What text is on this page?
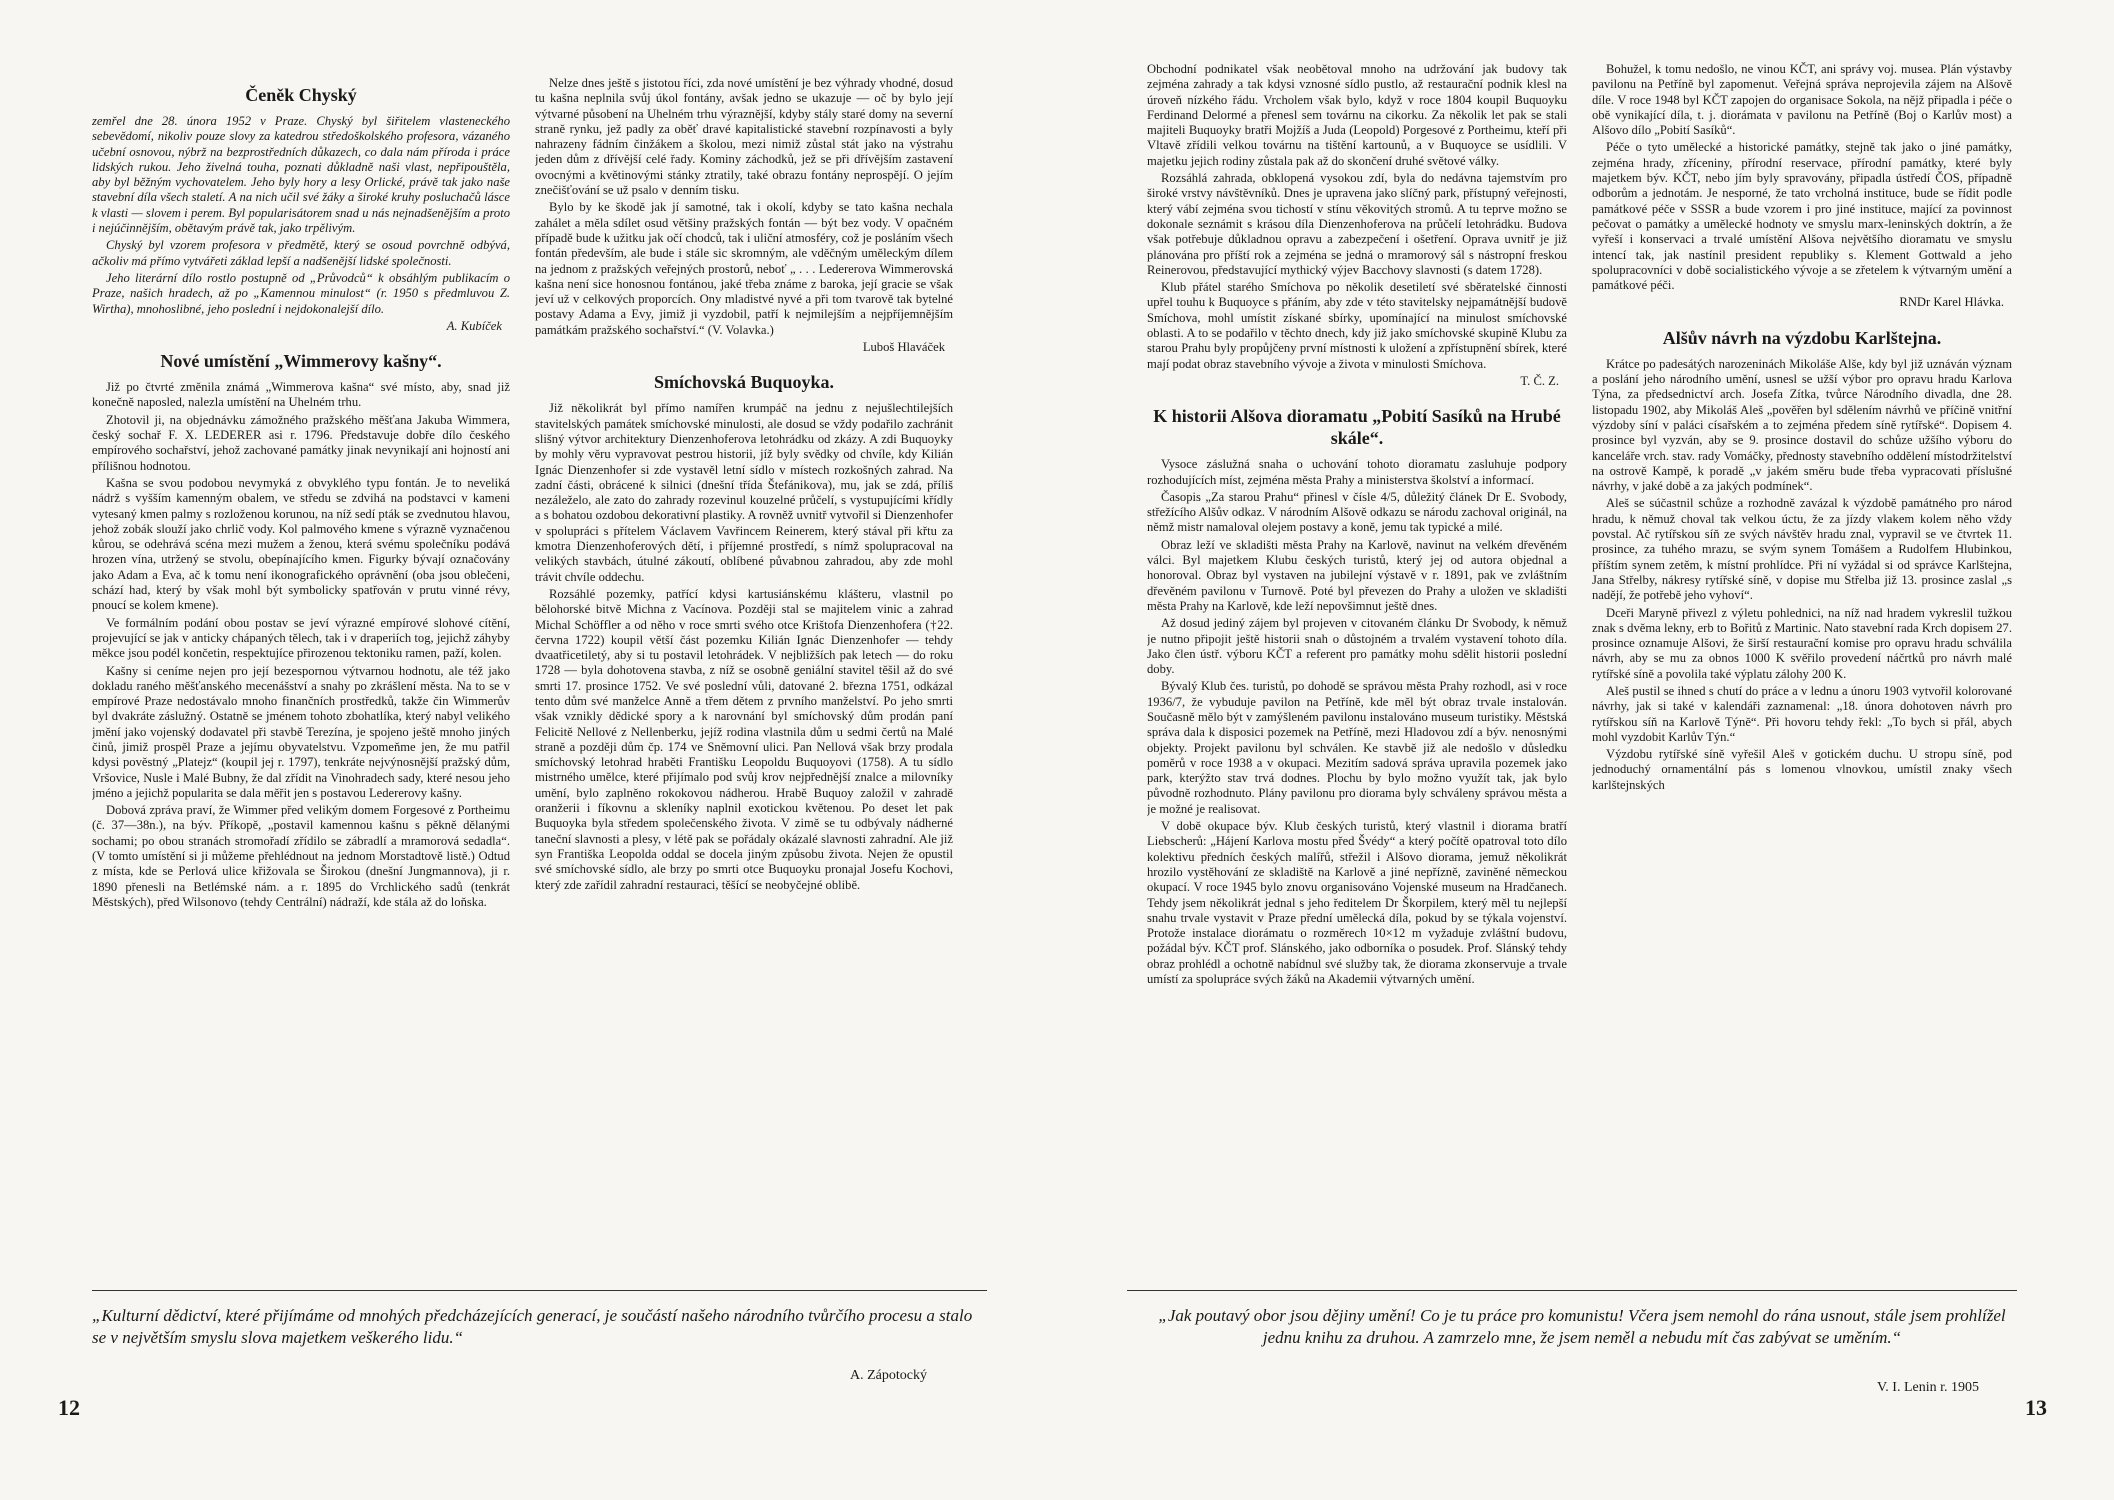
Čeněk Chyský

zemřel dne 28. února 1952 v Praze. Chyský byl šiřitelem vlasteneckého sebevědomí, nikoliv pouze slovy za katedrou středoškolského profesora, vázaného učební osnovou, nýbrž na bezprostředních důkazech, co dala nám příroda i práce lidských rukou. Jeho živelná touha, poznati důkladně naši vlast, nepřipouštěla, aby byl běžným vychovatelem. Jeho byly hory a lesy Orlické, právě tak jako naše stavební díla všech staletí. A na nich učil své žáky a široké kruhy posluchačů lásce k vlasti — slovem i perem. Byl popularisátorem snad u nás nejnadšenějším a proto i nejúčinnějším, obětavým právě tak, jako trpělivým.

Chyský byl vzorem profesora v předmětě, který se osoud povrchně odbývá, ačkoliv má přímo vytvářeti základ lepší a nadšenější lidské společnosti.

Jeho literární dílo rostlo postupně od „Průvodců“ k obsáhlým publikacím o Praze, našich hradech, až po „Kamennou minulost“ (r. 1950 s předmluvou Z. Wirtha), mnohoslibné, jeho poslední i nejdokonalejší dílo.

A. Kubíček
Nové umístění „Wimmerovy kašny“.

Již po čtvrté změnila známá „Wimmerova kašna“ své místo, aby, snad již konečně naposled, nalezla umístění na Uhelném trhu.

Zhotovil ji, na objednávku zámožného pražského měšťana Jakuba Wimmera, český sochař F. X. LEDERER asi r. 1796. Představuje dobře dílo českého empírového sochařství, jehož zachované památky jinak nevynikají ani hojností ani přílišnou hodnotou.

Kašna se svou podobou nevymyká z obvyklého typu fontán. Je to neveliká nádrž s vyšším kamenným obalem, ve středu se zdvihá na podstavci v kameni vytesaný kmen palmy s rozloženou korunou, na níž sedí pták se zvednutou hlavou, jehož zobák slouží jako chrlič vody. Kol palmového kmene s výrazně vyznačenou kůrou, se odehrává scéna mezi mužem a ženou, která svému společníku podává hrozen vína, utržený se stvolu, obepínajícího kmen. Figurky bývají označovány jako Adam a Eva, ač k tomu není ikonografického oprávnění (oba jsou oblečeni, schází had, který by však mohl být symbolicky spatřován v prutu vinné révy, pnoucí se kolem kmene).

Ve formálním podání obou postav se jeví výrazné empírové slohové cítění, projevující se jak v anticky chápaných tělech, tak i v draperiích tog, jejichž záhyby měkce jsou podél končetin, respektujíce přirozenou tektoniku ramen, paží, kolen.

Kašny si ceníme nejen pro její bezespornou výtvarnou hodnotu, ale též jako dokladu raného měšťanského mecenášství a snahy po zkrášlení města. Na to se v empírové Praze nedostávalo mnoho finančních prostředků, takže čin Wimmerův byl dvakráte záslužný. Ostatně se jménem tohoto zbohatlíka, který nabyl velikého jmění jako vojenský dodavatel při stavbě Terezína, je spojeno ještě mnoho jiných činů, jimiž prospěl Praze a jejímu obyvatelstvu. Vzpomeňme jen, že mu patřil kdysi pověstný „Platejz“ (koupil jej r. 1797), tenkráte nejvýnosnější pražský dům, Vršovice, Nusle i Malé Bubny, že dal zřídit na Vinohradech sady, které nesou jeho jméno a jejichž popularita se dala měřit jen s postavou Ledererovy kašny.

Dobová zpráva praví, že Wimmer před velikým domem Forgesové z Portheimu (č. 37—38n.), na býv. Příkopě, „postavil kamennou kašnu s pěkně dělanými sochami; po obou stranách stromořadí zřídilo se zábradlí a mramorová sedadla“. (V tomto umístění si ji můžeme přehlédnout na jednom Morstadtově listě.) Odtud z místa, kde se Perlová ulice křižovala se Širokou (dnešní Jungmannova), ji r. 1890 přenesli na Betlémské nám. a r. 1895 do Vrchlického sadů (tenkrát Městských), před Wilsonovo (tehdy Centrální) nádraží, kde stála až do loňska.

Nelze dnes ještě s jistotou říci, zda nové umístění je bez výhrady vhodné, dosud tu kašna neplnila svůj úkol fontány, avšak jedno se ukazuje — oč by bylo její výtvarné působení na Uhelném trhu výraznější, kdyby stály staré domy na severní straně rynku, jež padly za oběť dravé kapitalistické stavební rozpínavosti a byly nahrazeny fádním činžákem a školou, mezi nimiž zůstal stát jako na výstrahu jeden dům z dřívější celé řady. Kominy záchodků, jež se při dřívějším zastavení ovocnými a květinovými stánky ztratily, také obrazu fontány neprospějí. O jejím znečišťování se už psalo v denním tisku.

Bylo by ke škodě jak jí samotné, tak i okolí, kdyby se tato kašna nechala zahálet a měla sdílet osud většiny pražských fontán — být bez vody. V opačném případě bude k užitku jak očí chodců, tak i uliční atmosféry, což je posláním všech fontán především, ale bude i stále sic skromným, ale vděčným uměleckým dílem na jednom z pražských veřejných prostorů, neboť „ . . . Ledererova Wimmerovská kašna není sice honosnou fontánou, jaké třeba známe z baroka, její gracie se však jeví už v celkových proporcích. Ony mladistvé nyvé a při tom tvarově tak bytelné postavy Adama a Evy, jimiž ji vyzdobil, patří k nejmilejším a nejpříjemnějším památkám pražského sochařství.“ (V. Volavka.)

Luboš Hlaváček
Smíchovská Buquoyka.

Již několikrát byl přímo namířen krumpáč na jednu z nejušlechtilejších stavitelských památek smíchovské minulosti, ale dosud se vždy podařilo zachránit slišný výtvor architektury Dienzenhoferova letohrádku od zkázy. A zdi Buquoyky by mohly věru vypravovat pestrou historii, jíž byly svědky od chvíle, kdy Kilián Ignác Dienzenhofer si zde vystavěl letní sídlo v místech rozkošných zahrad. Na zadní části, obrácené k silnici (dnešní třída Štefánikova), mu, jak se zdá, příliš nezáleželo, ale zato do zahrady rozevinul kouzelné průčelí, s vystupujícími křídly a s bohatou ozdobou dekorativní plastiky. A rovněž uvnitř vytvořil si Dienzenhofer v spolupráci s přítelem Václavem Vavřincem Reinerem, který stával při křtu za kmotra Dienzenhoferových dětí, i příjemné prostředí, s nímž spolupracoval na velikých stavbách, útulné zákoutí, oblíbené půvabnou zahradou, aby zde mohl trávit chvíle oddechu.

Rozsáhlé pozemky, patřící kdysi kartusiánskému klášteru, vlastnil po bělohorské bitvě Michna z Vacínova. Později stal se majitelem vinic a zahrad Michal Schöffler a od něho v roce smrti svého otce Krištofa Dienzenhofera (†22. června 1722) koupil větší část pozemku Kilián Ignác Dienzenhofer — tehdy dvaatřicetiletý, aby si tu postavil letohrádek. V nejbližších pak letech — do roku 1728 — byla dohotovena stavba, z níž se osobně geniální stavitel těšil až do své smrti 17. prosince 1752. Ve své poslední vůli, datované 2. března 1751, odkázal tento dům své manželce Anně a třem dětem z prvního manželství. Po jeho smrti však vznikly dědické spory a k narovnání byl smíchovský dům prodán paní Felicitě Nellové z Nellenberku, jejíž rodina vlastnila dům u sedmi čertů na Malé straně a později dům čp. 174 ve Sněmovní ulici. Pan Nellová však brzy prodala smíchovský letohrad hraběti Františku Leopoldu Buquoyovi (1758). A tu sídlo mistrného umělce, které přijímalo pod svůj krov nejpřednější znalce a milovníky umění, bylo zaplněno rokokovou nádherou. Hrabě Buquoy založil v zahradě oranžerii i fíkovnu a skleníky naplnil exotickou květenou. Po deset let pak Buquoyka byla středem společenského života. V zimě se tu odbývaly nádherné taneční slavnosti a plesy, v létě pak se pořádaly okázalé slavnosti zahradní. Ale již syn Františka Leopolda oddal se docela jiným způsobu života. Nejen že opustil své smíchovské sídlo, ale brzy po smrti otce Buquoyku pronajal Josefu Kochovi, který zde zařídil zahradní restauraci, těšící se neobyčejné oblibě.

„Kulturní dědictví, které přijímáme od mnohých předcházejících generací, je součástí našeho národního tvůrčího procesu a stalo se v největším smyslu slova majetkem veškerého lidu.“
A. Zápotocký
12

Obchodní podnikatel však neobětoval mnoho na udržování jak budovy tak zejména zahrady a tak kdysi vznosné sídlo pustlo, až restaurační podnik klesl na úroveň nízkého řádu. Vrcholem však bylo, když v roce 1804 koupil Buquoyku Ferdinand Delormé a přenesl sem továrnu na cikorku. Za několik let pak se stali majiteli Buquoyky bratři Mojžíš a Juda (Leopold) Porgesové z Portheimu, kteří při Vltavě zřídili velkou továrnu na tištění kartounů, a v Buquoyce se usídlili. V majetku jejich rodiny zůstala pak až do skončení druhé světové války.

Rozsáhlá zahrada, obklopená vysokou zdí, byla do nedávna tajemstvím pro široké vrstvy návštěvníků. Dnes je upravena jako slíčný park, přístupný veřejnosti, který vábí zejména svou tichostí v stínu věkovitých stromů. A tu teprve možno se dokonale seznámit s krásou díla Dienzenhoferova na průčelí letohrádku. Budova však potřebuje důkladnou opravu a zabezpečení i ošetření. Oprava uvnitř je již plánována pro příští rok a zejména se jedná o mramorový sál s nástropní freskou Reinerovou, představující mythický výjev Bacchovy slavnosti (s datem 1728).

Klub přátel starého Smíchova po několik desetiletí své sběratelské činnosti upřel touhu k Buquoyce s přáním, aby zde v této stavitelsky nejpamátnější budově Smíchova, mohl umístit získané sbírky, upomínající na minulost smíchovské oblasti. A to se podařilo v těchto dnech, kdy již jako smíchovské skupině Klubu za starou Prahu byly propůjčeny první místnosti k uložení a zpřístupnění sbírek, které mají podat obraz stavebního vývoje a života v minulosti Smíchova.

T. Č. Z.
K historii Alšova dioramatu „Pobití Sasíků na Hrubé skále“.

Vysoce záslužná snaha o uchování tohoto dioramatu zasluhuje podpory rozhodujících míst, zejména města Prahy a ministerstva školství a informací.

Časopis „Za starou Prahu“ přinesl v čísle 4/5, důležitý článek Dr E. Svobody, střežícího Alšův odkaz. V národním Alšově odkazu se národu zachoval originál, na němž mistr namaloval olejem postavy a koně, jemu tak typické a milé.

Obraz leží ve skladišti města Prahy na Karlově, navinut na velkém dřevěném válci. Byl majetkem Klubu českých turistů, který jej od autora objednal a honoroval. Obraz byl vystaven na jubilejní výstavě v r. 1891, pak ve zvláštním dřevěném pavilonu v Turnově. Poté byl převezen do Prahy a uložen ve skladišti města Prahy na Karlově, kde leží nepovšimnut ještě dnes.

Až dosud jediný zájem byl projeven v citovaném článku Dr Svobody, k němuž je nutno připojit ještě historii snah o důstojném a trvalém vystavení tohoto díla. Jako člen ústř. výboru KČT a referent pro památky mohu sdělit historii poslední doby.

Bývalý Klub čes. turistů, po dohodě se správou města Prahy rozhodl, asi v roce 1936/7, že vybuduje pavilon na Petříně, kde měl být obraz trvale instalován. Současně mělo být v zamýšleném pavilonu instalováno museum turistiky. Městská správa dala k disposici pozemek na Petříně, mezi Hladovou zdí a býv. nenosnými objekty. Projekt pavilonu byl schválen. Ke stavbě již ale nedošlo v důsledku poměrů v roce 1938 a v okupaci. Mezitím sadová správa upravila pozemek jako park, kterýžto stav trvá dodnes. Plochu by bylo možno využít tak, jak bylo původně rozhodnuto. Plány pavilonu pro diorama byly schváleny správou města a je možné je realisovat.

V době okupace býv. Klub českých turistů, který vlastnil i diorama bratří Liebscherů: „Hájení Karlova mostu před Švédy“ a který počítě opatroval toto dílo kolektivu předních českých malířů, střežil i Alšovo diorama, jemuž několikrát hrozilo vystěhování ze skladiště na Karlově a jiné nepřízně, zaviněné německou okupací. V roce 1945 bylo znovu organisováno Vojenské museum na Hradčanech. Tehdy jsem několikrát jednal s jeho ředitelem Dr Škorpilem, který měl tu nejlepší snahu trvale vystavit v Praze přední umělecká díla, pokud by se týkala vojenství. Protože instalace diorámatu o rozměrech 10×12 m vyžaduje zvláštní budovu, požádal býv. KČT prof. Slánského, jako odborníka o posudek. Prof. Slánský tehdy obraz prohlédl a ochotně nabídnul své služby tak, že diorama zkonservuje a trvale umístí za spolupráce svých žáků na Akademii výtvarných umění.

Bohužel, k tomu nedošlo, ne vinou KČT, ani správy voj. musea. Plán výstavby pavilonu na Petříně byl zapomenut. Veřejná správa neprojevila zájem na Alšově díle. V roce 1948 byl KČT zapojen do organisace Sokola, na nějž připadla i péče o obě vynikající díla, t. j. diorámata v pavilonu na Petříně (Boj o Karlův most) a Alšovo dílo „Pobití Sasíků“.

Péče o tyto umělecké a historické památky, stejně tak jako o jiné památky, zejména hrady, zříceniny, přírodní reservace, přírodní památky, které byly majetkem býv. KČT, nebo jím byly spravovány, připadla ústředí ČOS, případně odborům a jednotám. Je nesporné, že tato vrcholná instituce, bude se řídit podle památkové péče v SSSR a bude vzorem i pro jiné instituce, mající za povinnost pečovat o památky a umělecké hodnoty ve smyslu marx-leninských doktrín, a že vyřeší i konservaci a trvalé umístění Alšova největšího dioramatu ve smyslu intencí tak, jak nastínil president republiky s. Klement Gottwald a jeho spolupracovníci v době socialistického vývoje a se zřetelem k výtvarným umění a památkové péči.

RNDr Karel Hlávka.
Alšův návrh na výzdobu Karlštejna.

Krátce po padesátých narozeninách Mikoláše Alše, kdy byl již uznáván význam a poslání jeho národního umění, usnesl se užší výbor pro opravu hradu Karlova Týna, za předsednictví arch. Josefa Zítka, tvůrce Národního divadla, dne 28. listopadu 1902, aby Mikoláš Aleš „pověřen byl sdělením návrhů ve příčině vnitřní výzdoby síní v paláci císařském a to zejména předem síně rytířské“. Dopisem 4. prosince byl vyzván, aby se 9. prosince dostavil do schůze užšího výboru do kanceláře vrch. stav. rady Vomáčky, přednosty stavebního oddělení místodržitelství na ostrově Kampě, k poradě „v jakém směru bude třeba vypracovati příslušné návrhy, v jaké době a za jakých podmínek“.

Aleš se súčastnil schůze a rozhodně zavázal k výzdobě památného pro národ hradu, k němuž choval tak velkou úctu, že za jízdy vlakem kolem něho vždy povstal. Ač rytířskou síň ze svých návštěv hradu znal, vypravil se ve čtvrtek 11. prosince, za tuhého mrazu, se svým synem Tomášem a Rudolfem Hlubinkou, příštím synem zetěm, k místní prohlídce. Při ní vyžádal si od správce Karlštejna, Jana Střelby, nákresy rytířské síně, v dopise mu Střelba již 13. prosince zaslal „s nadějí, že potřebě jeho vyhoví“.

Dceři Maryně přivezl z výletu pohlednici, na níž nad hradem vykreslil tužkou znak s dvěma lekny, erb to Bořitů z Martinic. Nato stavební rada Krch dopisem 27. prosince oznamuje Alšovi, že širší restaurační komise pro opravu hradu schválila návrh, aby se mu za obnos 1000 K svěřilo provedení náčrtků pro návrh malé rytířské síně a povolila také výplatu zálohy 200 K.

Aleš pustil se ihned s chutí do práce a v lednu a únoru 1903 vytvořil kolorované návrhy, jak si také v kalendáři zaznamenal: „18. února dohotoven návrh pro rytířskou síň na Karlově Týně“. Při hovoru tehdy řekl: „To bych si přál, abych mohl vyzdobit Karlův Týn.“

Výzdobu rytířské síně vyřešil Aleš v gotickém duchu. U stropu síně, pod jednoduchý ornamentální pás s lomenou vlnovkou, umístil znaky všech karlštejnských

„Jak poutavý obor jsou dějiny umění! Co je tu práce pro komunistu! Včera jsem nemohl do rána usnout, stále jsem prohlížel jednu knihu za druhou. A zamrzelo mne, že jsem neměl a nebudu mít čas zabývat se uměním.“
V. I. Lenin r. 1905
13
